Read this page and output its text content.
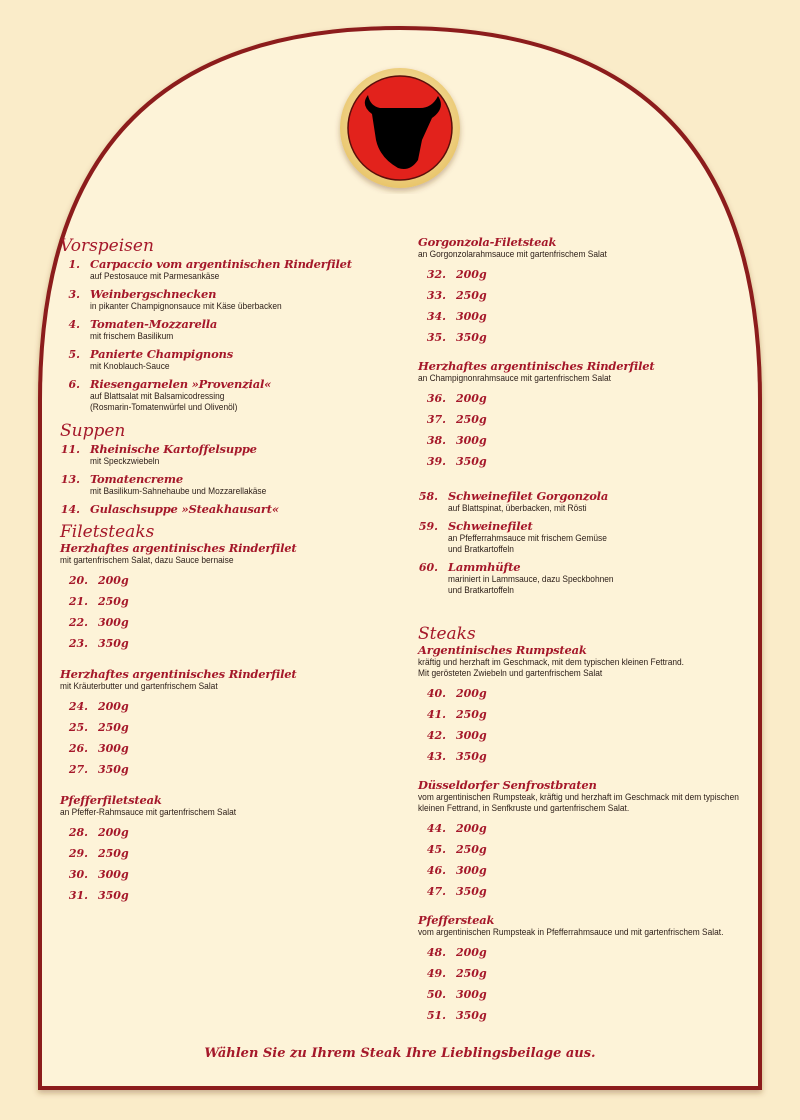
Vorspeisen
1. Carpaccio vom argentinischen Rinderfilet
auf Pestosauce mit Parmesankäse
3. Weinbergschnecken
in pikanter Champignonsauce mit Käse überbacken
4. Tomaten-Mozzarella
mit frischem Basilikum
5. Panierte Champignons
mit Knoblauch-Sauce
6. Riesengarnelen »Provenzial«
auf Blattsalat mit Balsamicodressing
(Rosmarin-Tomatenwürfel und Olivenöl)
Suppen
11. Rheinische Kartoffelsuppe
mit Speckzwiebeln
13. Tomatencreme
mit Basilikum-Sahnehaube und Mozzarellakäse
14. Gulaschsuppe »Steakhausart«
Filetsteaks
Herzhaftes argentinisches Rinderfilet
mit gartenfrischem Salat, dazu Sauce bernaise
20. 200g
21. 250g
22. 300g
23. 350g
Herzhaftes argentinisches Rinderfilet
mit Kräuterbutter und gartenfrischem Salat
24. 200g
25. 250g
26. 300g
27. 350g
Pfefferfiletsteak
an Pfeffer-Rahmsauce mit gartenfrischem Salat
28. 200g
29. 250g
30. 300g
31. 350g
Gorgonzola-Filetsteak
an Gorgonzolarahmsauce mit gartenfrischem Salat
32. 200g
33. 250g
34. 300g
35. 350g
Herzhaftes argentinisches Rinderfilet
an Champignonrahmsauce mit gartenfrischem Salat
36. 200g
37. 250g
38. 300g
39. 350g
58. Schweinefilet Gorgonzola
auf Blattspinat, überbacken, mit Rösti
59. Schweinefilet
an Pfefferrahmsauce mit frischem Gemüse
und Bratkartoffeln
60. Lammhüfte
mariniert in Lammsauce, dazu Speckbohnen
und Bratkartoffeln
Steaks
Argentinisches Rumpsteak
kräftig und herzhaft im Geschmack, mit dem typischen kleinen Fettrand.
Mit gerösteten Zwiebeln und gartenfrischem Salat
40. 200g
41. 250g
42. 300g
43. 350g
Düsseldorfer Senfrostbraten
vom argentinischen Rumpsteak, kräftig und herzhaft im Geschmack mit dem typischen
kleinen Fettrand, in Senfkruste und gartenfrischem Salat.
44. 200g
45. 250g
46. 300g
47. 350g
Pfeffersteak
vom argentinischen Rumpsteak in Pfefferrahmsauce und mit gartenfrischem Salat.
48. 200g
49. 250g
50. 300g
51. 350g
Wählen Sie zu Ihrem Steak Ihre Lieblingsbeilage aus.
